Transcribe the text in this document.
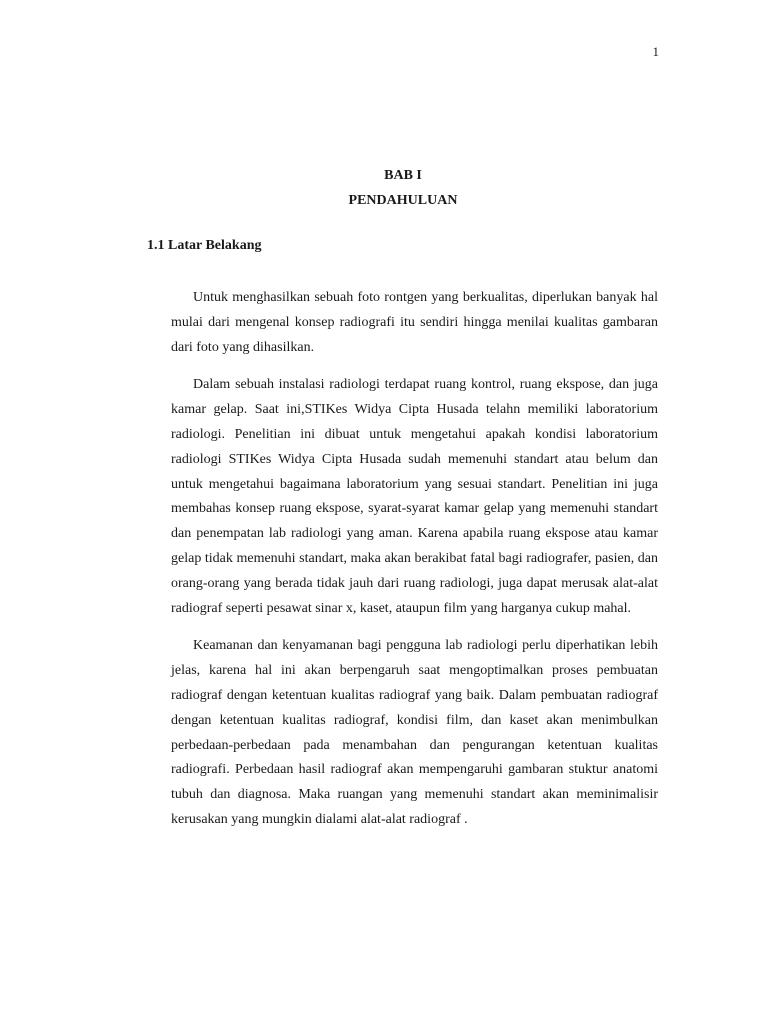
1
BAB I
PENDAHULUAN
1.1 Latar Belakang

Untuk menghasilkan sebuah foto rontgen yang berkualitas, diperlukan banyak hal mulai dari mengenal konsep radiografi itu sendiri hingga menilai kualitas gambaran dari foto yang dihasilkan.

Dalam sebuah instalasi radiologi terdapat ruang kontrol, ruang ekspose, dan juga kamar gelap. Saat ini,STIKes Widya Cipta Husada telahn memiliki laboratorium radiologi. Penelitian ini dibuat untuk mengetahui apakah kondisi laboratorium radiologi STIKes Widya Cipta Husada sudah memenuhi standart atau belum dan untuk mengetahui bagaimana laboratorium yang sesuai standart. Penelitian ini juga membahas konsep ruang ekspose, syarat-syarat kamar gelap yang memenuhi standart dan penempatan lab radiologi yang aman. Karena apabila ruang ekspose atau kamar gelap tidak memenuhi standart, maka akan berakibat fatal bagi radiografer, pasien, dan orang-orang yang berada tidak jauh dari ruang radiologi, juga dapat merusak alat-alat radiograf seperti pesawat sinar x, kaset, ataupun film yang harganya cukup mahal.

Keamanan dan kenyamanan bagi pengguna lab radiologi perlu diperhatikan lebih jelas, karena hal ini akan berpengaruh saat mengoptimalkan proses pembuatan radiograf dengan ketentuan kualitas radiograf yang baik. Dalam pembuatan radiograf dengan ketentuan kualitas radiograf, kondisi film, dan kaset akan menimbulkan perbedaan-perbedaan pada menambahan dan pengurangan ketentuan kualitas radiografi. Perbedaan hasil radiograf akan mempengaruhi gambaran stuktur anatomi tubuh dan diagnosa. Maka ruangan yang memenuhi standart akan meminimalisir kerusakan yang mungkin dialami alat-alat radiograf .
